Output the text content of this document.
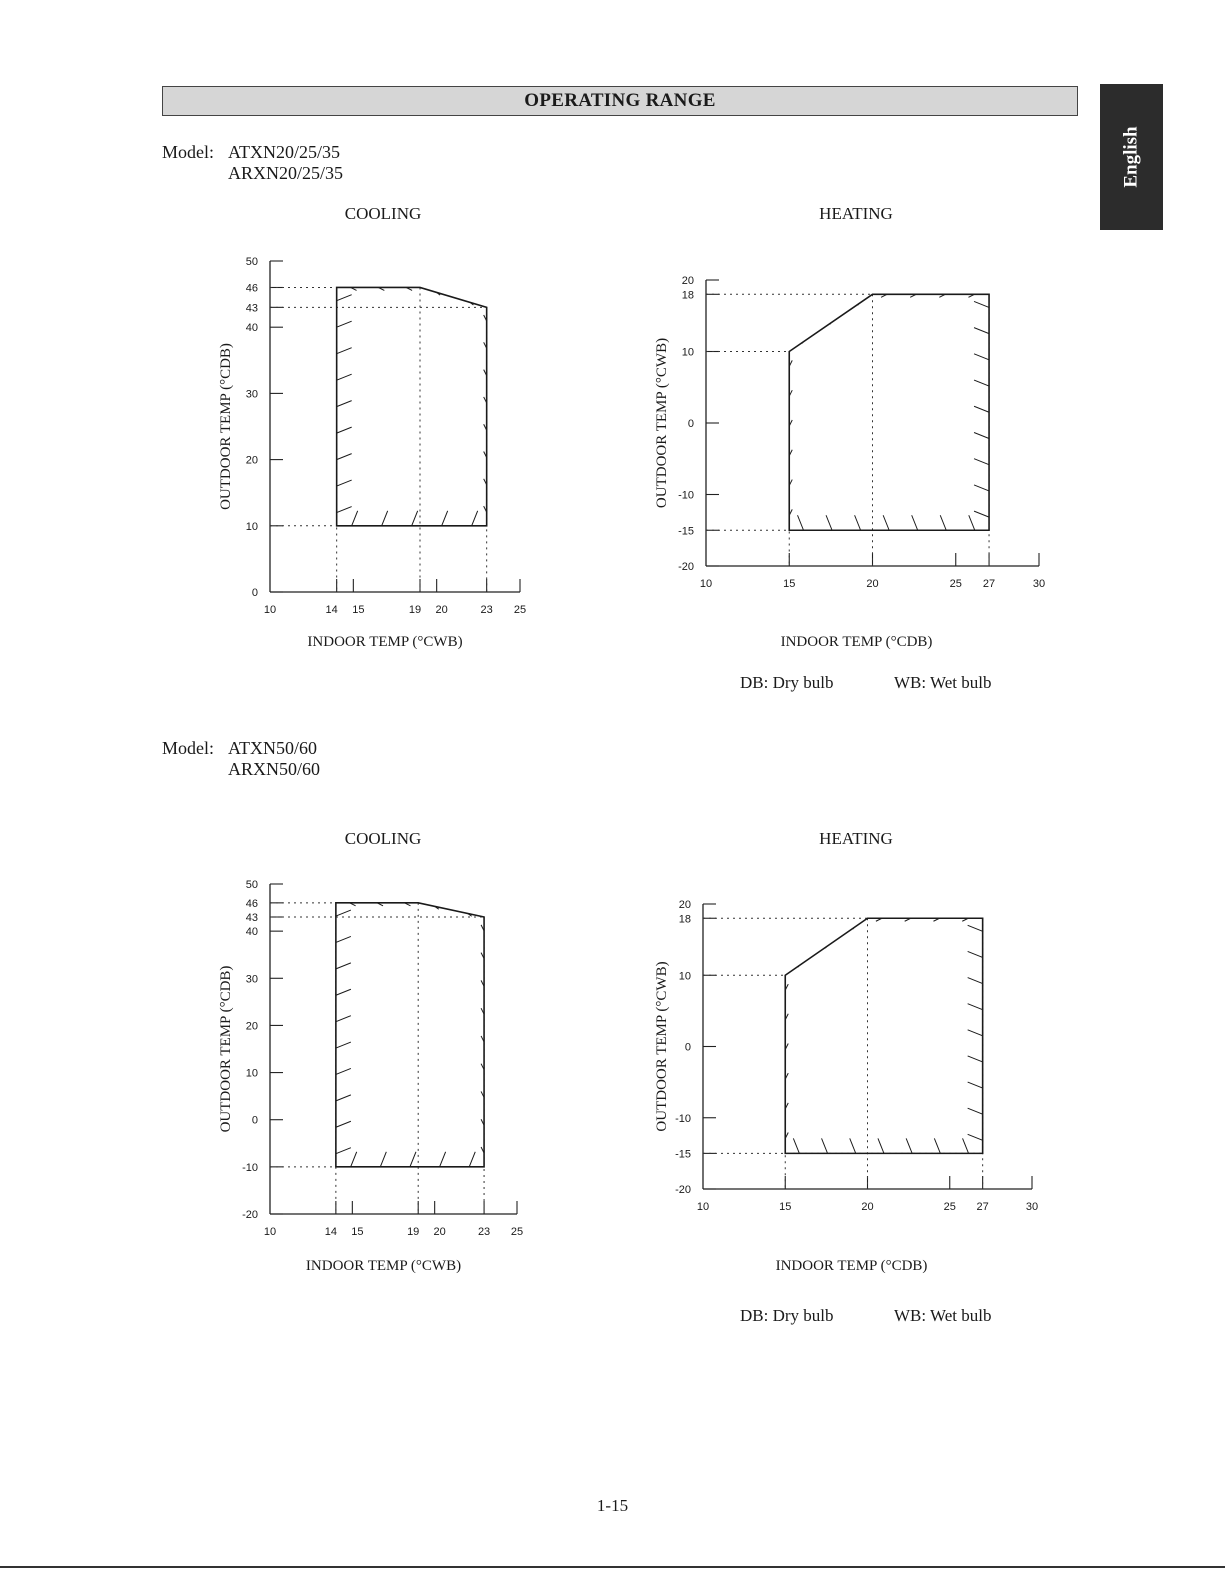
OPERATING RANGE
English
Model: ATXN20/25/35
ARXN20/25/35
Model: ATXN50/60
ARXN50/60
COOLING	HEATING
COOLING	HEATING
0
10
20
30
40
43
46
50
10	14 15	19 20	23 25
INDOOR TEMP (°CWB)
OUTDOOR TEMP (°CDB)
-20
-15
-10
0
10
18
20
10	15	20	25 27	30
INDOOR TEMP (°CDB)
OUTDOOR TEMP (°CWB)
-20
-10
0
10
20
30
40
43
46
50
10	14 15	19 20	23 25
INDOOR TEMP (°CWB)
OUTDOOR TEMP (°CDB)
-20
-15
-10
0
10
18
20
10	15	20	25 27	30
INDOOR TEMP (°CDB)
OUTDOOR TEMP (°CWB)
DB: Dry bulb	WB: Wet bulb
DB: Dry bulb	WB: Wet bulb
1-15
